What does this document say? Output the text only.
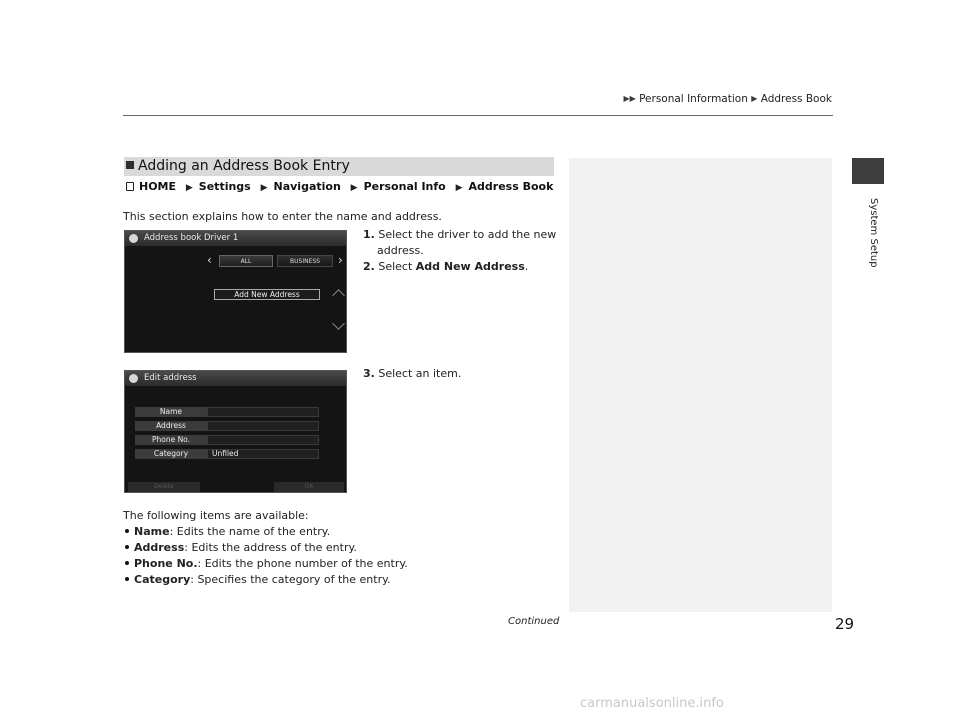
▶▶ Personal Information ▶ Address Book
System Setup
Adding an Address Book Entry
HOME ▶ Settings ▶ Navigation ▶ Personal Info ▶ Address Book
This section explains how to enter the name and address.
Address book Driver 1
‹	ALL	BUSINESS	›
Add New Address
1. Select the driver to add the new
address.
2. Select Add New Address.
Edit address
Name
Address
Phone No.
Category	Unfiled
Delete	OK
3. Select an item.
The following items are available:
Name: Edits the name of the entry.
Address: Edits the address of the entry.
Phone No.: Edits the phone number of the entry.
Category: Specifies the category of the entry.
Continued	29
carmanualsonline.info
